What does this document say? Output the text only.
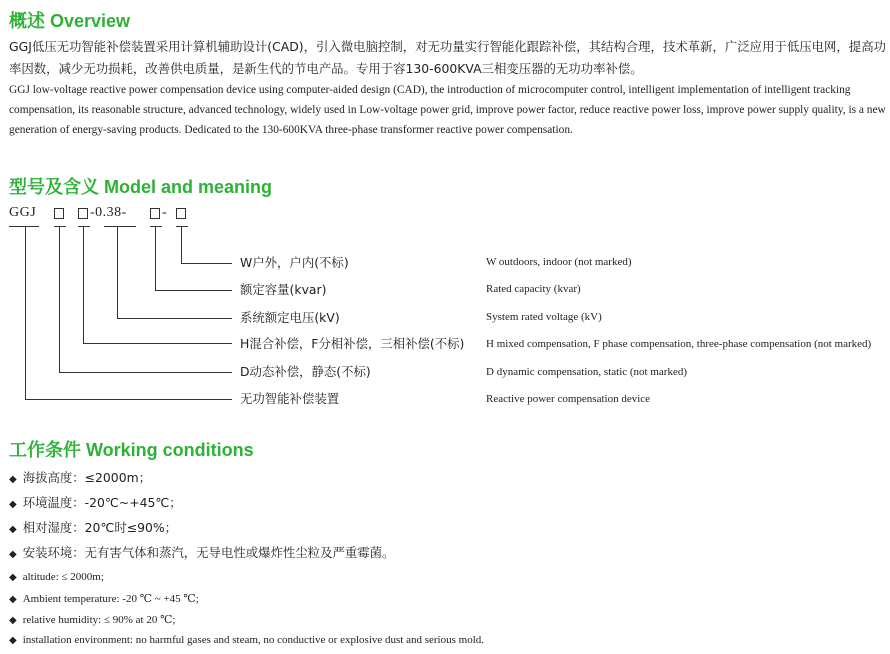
概述 Overview

GGJ低压无功智能补偿装置采用计算机辅助设计(CAD)，引入微电脑控制，对无功量实行智能化跟踪补偿，其结构合理，技术革新，广泛应用于低压电网，提高功率因数，减少无功损耗，改善供电质量，是新生代的节电产品。专用于容130-600KVA三相变压器的无功功率补偿。

GGJ low-voltage reactive power compensation device using computer-aided design (CAD), the introduction of microcomputer control, intelligent implementation of intelligent tracking compensation, its reasonable structure, advanced technology, widely used in Low-voltage power grid, improve power factor, reduce reactive power loss, improve power supply quality, is a new generation of energy-saving products. Dedicated to the 130-600KVA three-phase transformer reactive power compensation.

型号及含义 Model and meaning
GGJ	-0.38-	-
W户外，户内(不标)	W outdoors, indoor (not marked)
额定容量(kvar)	Rated capacity (kvar)
系统额定电压(kV)	System rated voltage (kV)
H混合补偿，F分相补偿，三相补偿(不标) H mixed compensation, F phase compensation, three-phase compensation (not marked)
D动态补偿，静态(不标)	D dynamic compensation, static (not marked)
无功智能补偿装置	Reactive power compensation device
工作条件 Working conditions
◆ 海拔高度：≤2000m；
◆ 环境温度：-20℃~+45℃；
◆ 相对湿度：20℃时≤90%；
◆ 安装环境：无有害气体和蒸汽，无导电性或爆炸性尘粒及严重霉菌。
◆ altitude: ≤ 2000m;
◆ Ambient temperature: -20 ℃ ~ +45 ℃;
◆ relative humidity: ≤ 90% at 20 ℃;
◆ installation environment: no harmful gases and steam, no conductive or explosive dust and serious mold.
